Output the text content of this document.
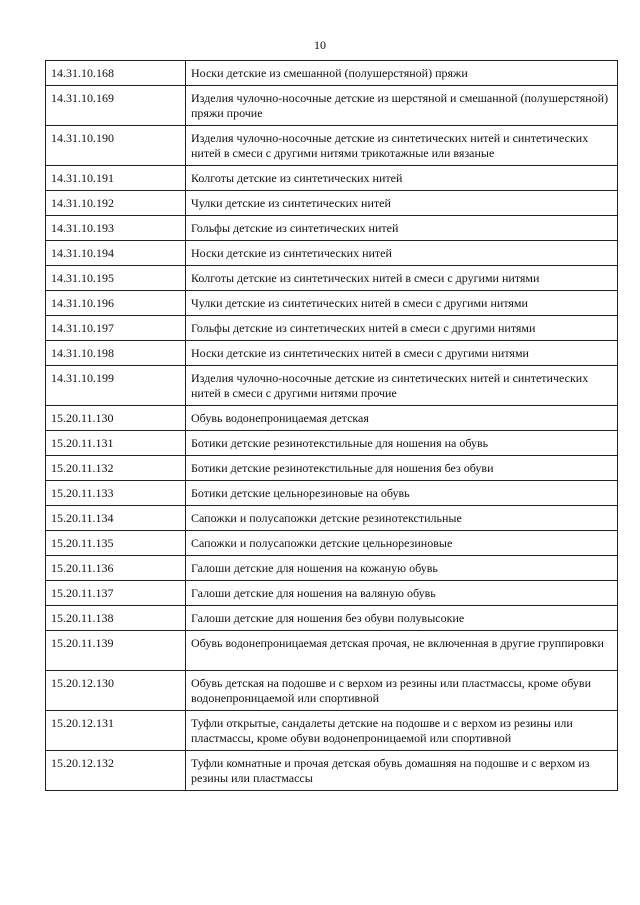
10
14.31.10.168	Носки детские из смешанной (полушерстяной) пряжи
14.31.10.169	Изделия чулочно-носочные детские из шерстяной и смешанной (полушерстяной) пряжи прочие
14.31.10.190	Изделия чулочно-носочные детские из синтетических нитей и синтетических нитей в смеси с другими нитями трикотажные или вязаные
14.31.10.191	Колготы детские из синтетических нитей
14.31.10.192	Чулки детские из синтетических нитей
14.31.10.193	Гольфы детские из синтетических нитей
14.31.10.194	Носки детские из синтетических нитей
14.31.10.195	Колготы детские из синтетических нитей в смеси с другими нитями
14.31.10.196	Чулки детские из синтетических нитей в смеси с другими нитями
14.31.10.197	Гольфы детские из синтетических нитей в смеси с другими нитями
14.31.10.198	Носки детские из синтетических нитей в смеси с другими нитями
14.31.10.199	Изделия чулочно-носочные детские из синтетических нитей и синтетических нитей в смеси с другими нитями прочие
15.20.11.130	Обувь водонепроницаемая детская
15.20.11.131	Ботики детские резинотекстильные для ношения на обувь
15.20.11.132	Ботики детские резинотекстильные для ношения без обуви
15.20.11.133	Ботики детские цельнорезиновые на обувь
15.20.11.134	Сапожки и полусапожки детские резинотекстильные
15.20.11.135	Сапожки и полусапожки детские цельнорезиновые
15.20.11.136	Галоши детские для ношения на кожаную обувь
15.20.11.137	Галоши детские для ношения на валяную обувь
15.20.11.138	Галоши детские для ношения без обуви полувысокие
15.20.11.139	Обувь водонепроницаемая детская прочая, не включенная в другие группировки
15.20.12.130	Обувь детская на подошве и с верхом из резины или пластмассы, кроме обуви водонепроницаемой или спортивной
15.20.12.131	Туфли открытые, сандалеты детские на подошве и с верхом из резины или пластмассы, кроме обуви водонепроницаемой или спортивной
15.20.12.132	Туфли комнатные и прочая детская обувь домашняя на подошве и с верхом из резины или пластмассы
